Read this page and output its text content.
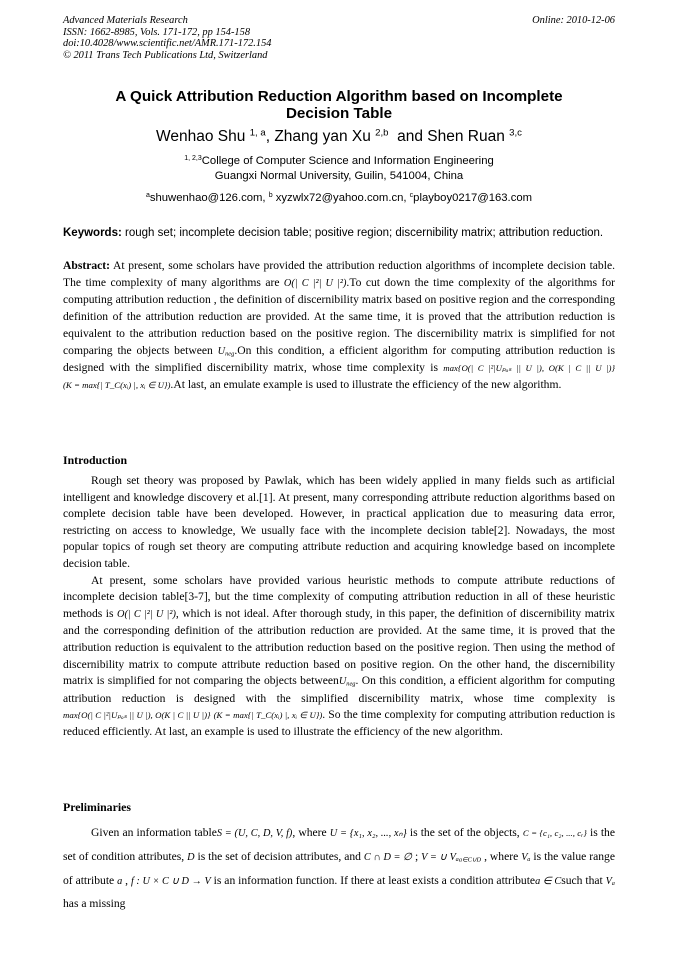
Advanced Materials Research
ISSN: 1662-8985, Vols. 171-172, pp 154-158
doi:10.4028/www.scientific.net/AMR.171-172.154
© 2011 Trans Tech Publications Ltd, Switzerland
Online: 2010-12-06
A Quick Attribution Reduction Algorithm based on Incomplete
Decision Table
Wenhao Shu $^{1, a}$, Zhang yan Xu $^{2,b}$  and Shen Ruan $^{3,c}$
$^{1, 2,3}$College of Computer Science and Information Engineering
Guangxi Normal University, Guilin, 541004, China
$^a$shuwenhao@126.com, $^b$ xyzwlx72@yahoo.com.cn, $^c$playboy0217@163.com
Keywords: rough set; incomplete decision table; positive region; discernibility matrix; attribution reduction.
Abstract: At present, some scholars have provided the attribution reduction algorithms of incomplete decision table. The time complexity of many algorithms are O(| C |²| U |²).To cut down the time complexity of the algorithms for computing attribution reduction , the definition of discernibility matrix based on positive region and the corresponding definition of the attribution reduction are provided. At the same time, it is proved that the attribution reduction is equivalent to the attribution reduction based on the positive region. The discernibility matrix is simplified for not comparing the objects between $U_{neg}.On$ this condition, a efficient algorithm for computing attribution reduction is designed with the simplified discernibility matrix, whose time complexity is max{O(| C |²|Uₚₒₛ || U |), O(K | C || U |)} (K = max{| T_C(xᵢ) |, xᵢ ∈ U}).At last, an emulate example is used to illustrate the efficiency of the new algorithm.
Introduction

Rough set theory was proposed by Pawlak, which has been widely applied in many fields such as artificial intelligent and knowledge discovery et al.[1]. At present, many corresponding attribute reduction algorithms based on complete decision table have been developed. However, in practical application due to measuring data error, restricting on access to knowledge, We usually face with the incomplete decision table[2]. Nowadays, the most popular topics of rough set theory are computing attribute reduction and acquiring knowledge based on incomplete decision table.

At present, some scholars have provided various heuristic methods to compute attribute reductions of incomplete decision table[3-7], but the time complexity of computing attribution reduction in all of these heuristic methods is O(| C |²| U |²), which is not ideal. After thorough study, in this paper, the definition of discernibility matrix and the corresponding definition of the attribution reduction are provided. At the same time, it is proved that the attribution reduction is equivalent to the attribution reduction based on the positive region. Then using the method of discernibility matrix to compute attribute reduction based on positive region. On the other hand, the discernibility matrix is simplified for not comparing the objects betweenU$_{neg}$. On this condition, a efficient algorithm for computing attribution reduction is designed with the simplified discernibility matrix, whose time complexity is max{O(| C |²|Uₚₒₛ || U |), O(K | C || U |)} (K = max{| T_C(xᵢ) |, xᵢ ∈ U}). So the time complexity for computing attribution reduction is reduced efficiently. At last, an example is used to illustrate the efficiency of the new algorithm.

Preliminaries

Given an information tableS = (U, C, D, V, f), where U = {x₁, x₂, ..., xₙ} is the set of the objects, C = {c₁, c₂, ..., cᵣ} is the set of condition attributes, D is the set of decision attributes, and C ∩ D = ∅ ; V = ∪ Vₐ$_{a\in C\cup D}$ , where Vₐ is the value range of attribute a , f : U × C ∪ D → V is an information function. If there at least exists a condition attributea ∈ Csuch that Vₐ has a missing
